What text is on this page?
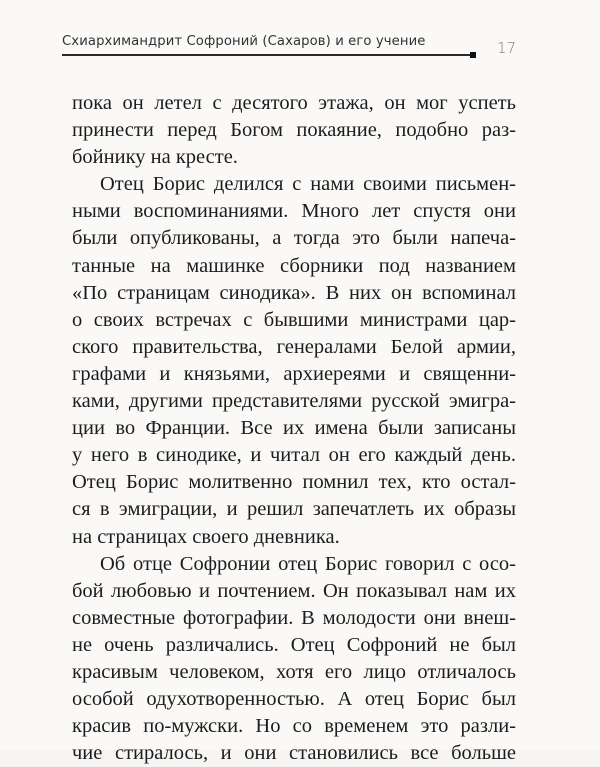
Схиархимандрит Софроний (Сахаров) и его учение	17
пока он летел с десятого этажа, он мог успеть
принести перед Богом покаяние, подобно раз-
бойнику на кресте.
Отец Борис делился с нами своими письмен-
ными воспоминаниями. Много лет спустя они
были опубликованы, а тогда это были напеча-
танные на машинке сборники под названием
«По страницам синодика». В них он вспоминал
о своих встречах с бывшими министрами цар-
ского правительства, генералами Белой армии,
графами и князьями, архиереями и священни-
ками, другими представителями русской эмигра-
ции во Франции. Все их имена были записаны
у него в синодике, и читал он его каждый день.
Отец Борис молитвенно помнил тех, кто остал-
ся в эмиграции, и решил запечатлеть их образы
на страницах своего дневника.
Об отце Софронии отец Борис говорил с осо-
бой любовью и почтением. Он показывал нам их
совместные фотографии. В молодости они внеш-
не очень различались. Отец Софроний не был
красивым человеком, хотя его лицо отличалось
особой одухотворенностью. А отец Борис был
красив по-мужски. Но со временем это разли-
чие стиралось, и они становились все больше
